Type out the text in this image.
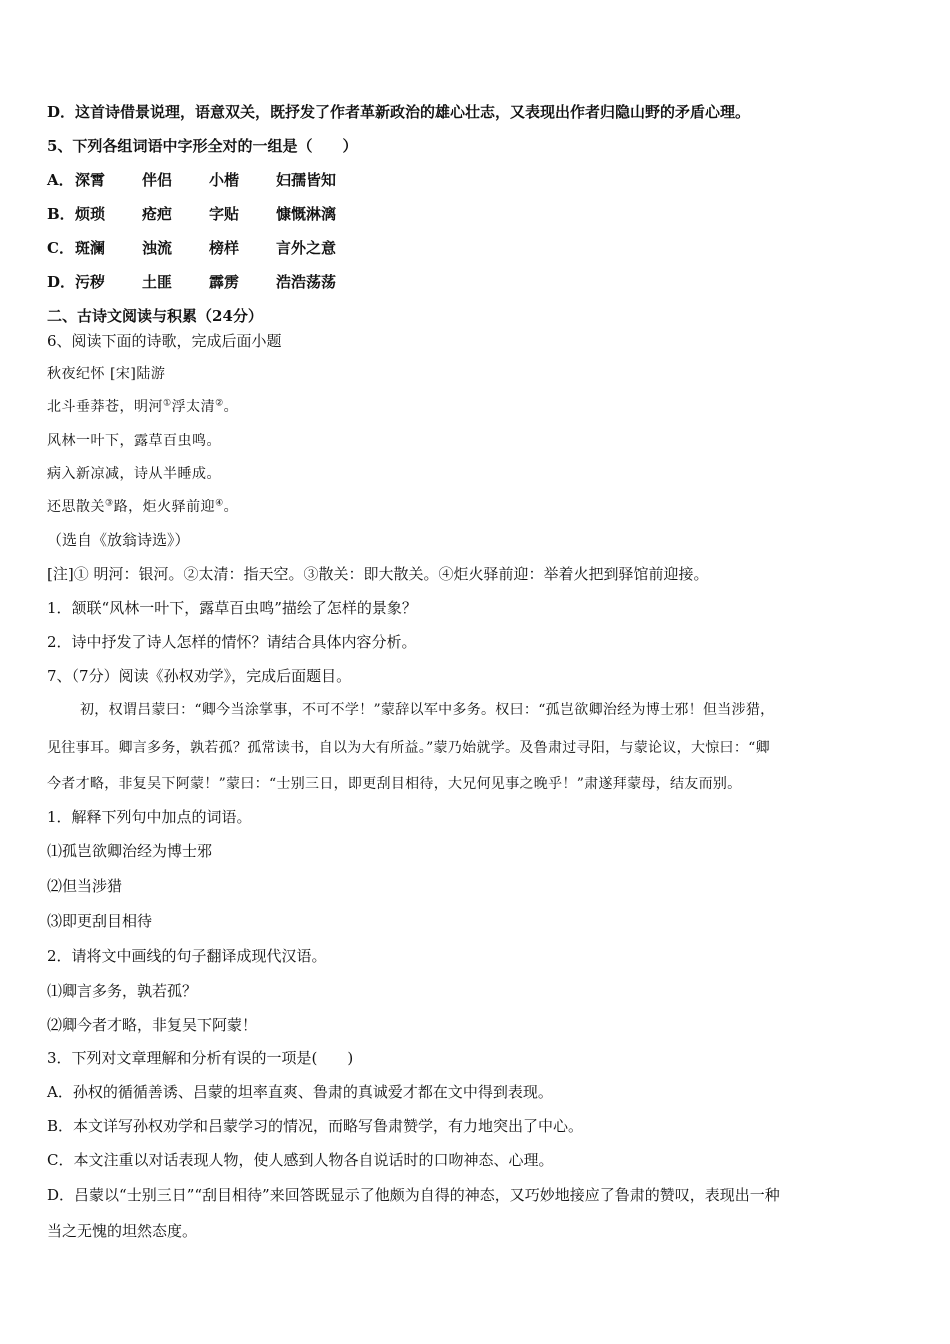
D．这首诗借景说理，语意双关，既抒发了作者革新政治的雄心壮志，又表现出作者归隐山野的矛盾心理。
5、下列各组词语中字形全对的一组是（　　）
A． 深霄 伴侣 小楷 妇孺皆知
B． 烦琐 疮疤 字贴 慷慨淋漓
C． 斑澜 浊流 榜样 言外之意
D． 污秽 土匪 霹雳 浩浩荡荡
二、古诗文阅读与积累（24分）
6、阅读下面的诗歌，完成后面小题
秋夜纪怀 [宋]陆游
北斗垂莽苍，明河①浮太清②。
风林一叶下，露草百虫鸣。
病入新凉减，诗从半睡成。
还思散关③路，炬火驿前迎④。
（选自《放翁诗选》）
[注]① 明河：银河。②太清：指天空。③散关：即大散关。④炬火驿前迎：举着火把到驿馆前迎接。
1．颔联“风林一叶下，露草百虫鸣”描绘了怎样的景象？
2．诗中抒发了诗人怎样的情怀？请结合具体内容分析。
7、（7分）阅读《孙权劝学》，完成后面题目。
初，权谓吕蒙曰：“卿今当涂掌事，不可不学！”蒙辞以军中多务。权曰：“孤岂欲卿治经为博士邪！但当涉猎，
见往事耳。卿言多务，孰若孤？孤常读书，自以为大有所益。”蒙乃始就学。及鲁肃过寻阳，与蒙论议，大惊曰：“卿
今者才略，非复吴下阿蒙！”蒙曰：“士别三日，即更刮目相待，大兄何见事之晚乎！”肃遂拜蒙母，结友而别。
1．解释下列句中加点的词语。
⑴孤岂欲卿治经为博士邪
⑵但当涉猎
⑶即更刮目相待
2．请将文中画线的句子翻译成现代汉语。
⑴卿言多务，孰若孤？
⑵卿今者才略，非复吴下阿蒙！
3．下列对文章理解和分析有误的一项是(　　)
A．孙权的循循善诱、吕蒙的坦率直爽、鲁肃的真诚爱才都在文中得到表现。
B．本文详写孙权劝学和吕蒙学习的情况，而略写鲁肃赞学，有力地突出了中心。
C．本文注重以对话表现人物，使人感到人物各自说话时的口吻神态、心理。
D．吕蒙以“士别三日”“刮目相待”来回答既显示了他颇为自得的神态，又巧妙地接应了鲁肃的赞叹，表现出一种
当之无愧的坦然态度。
